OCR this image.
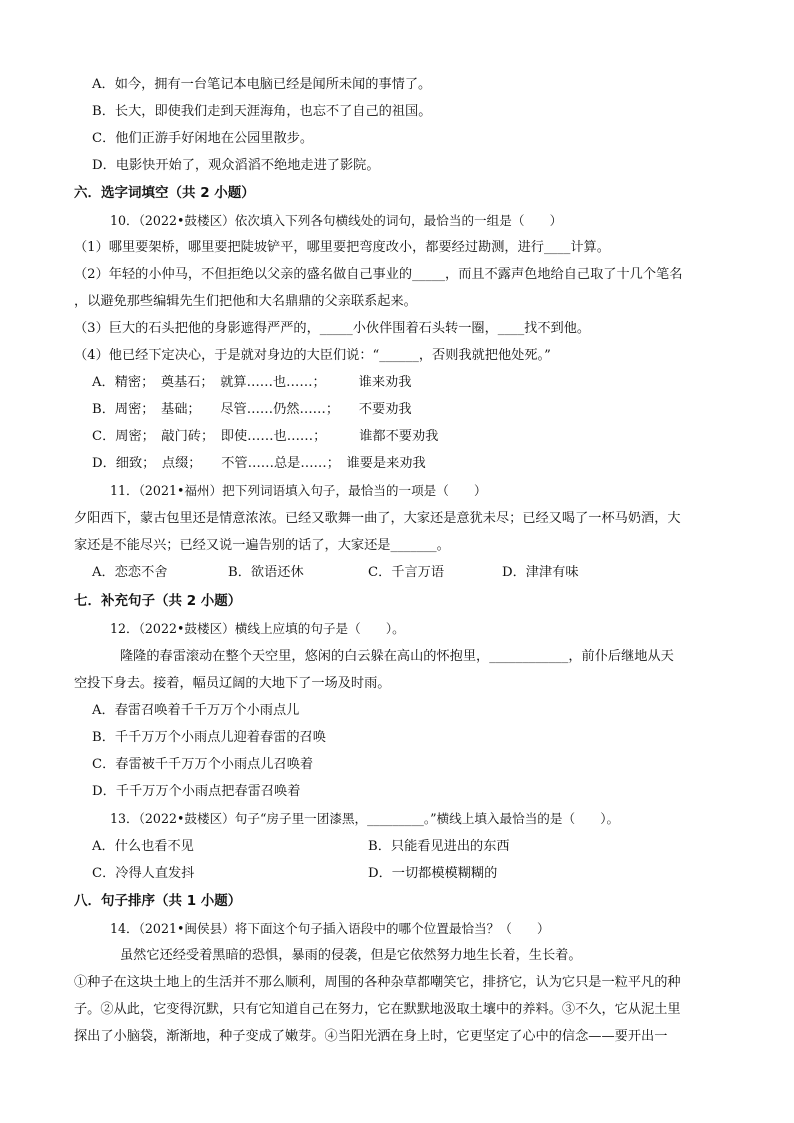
A．如今，拥有一台笔记本电脑已经是闻所未闻的事情了。
B．长大，即使我们走到天涯海角，也忘不了自己的祖国。
C．他们正游手好闲地在公园里散步。
D．电影快开始了，观众滔滔不绝地走进了影院。
六．选字词填空（共 2 小题）
10．（2022•鼓楼区）依次填入下列各句横线处的词句，最恰当的一组是（　　）
（1）哪里要架桥，哪里要把陡坡铲平，哪里要把弯度改小，都要经过勘测，进行____计算。
（2）年轻的小仲马，不但拒绝以父亲的盛名做自己事业的_____，而且不露声色地给自己取了十几个笔名
，以避免那些编辑先生们把他和大名鼎鼎的父亲联系起来。
（3）巨大的石头把他的身影遮得严严的，_____小伙伴围着石头转一圈，____找不到他。
（4）他已经下定决心，于是就对身边的大臣们说：“______，否则我就把他处死。”
A．精密；　奠基石；　就算……也……；　　　谁来劝我
B．周密；　基础；　　尽管……仍然……；　　不要劝我
C．周密；　敲门砖；　即使……也……；　　　谁都不要劝我
D．细致；　点缀；　　不管……总是……；　谁要是来劝我
11．（2021•福州）把下列词语填入句子，最恰当的一项是（　　）
夕阳西下，蒙古包里还是情意浓浓。已经又歌舞一曲了，大家还是意犹未尽；已经又喝了一杯马奶酒，大
家还是不能尽兴；已经又说一遍告别的话了，大家还是_______。
A．恋恋不舍	B．欲语还休	C．千言万语	D．津津有味
七．补充句子（共 2 小题）
12．（2022•鼓楼区）横线上应填的句子是（　　）。
隆隆的春雷滚动在整个天空里，悠闲的白云躲在高山的怀抱里，____________，前仆后继地从天
空投下身去。接着，幅员辽阔的大地下了一场及时雨。
A．春雷召唤着千千万万个小雨点儿
B．千千万万个小雨点儿迎着春雷的召唤
C．春雷被千千万万个小雨点儿召唤着
D．千千万万个小雨点把春雷召唤着
13．（2022•鼓楼区）句子“房子里一团漆黑，_________。”横线上填入最恰当的是（　　）。
A．什么也看不见	B．只能看见进出的东西
C．冷得人直发抖	D．一切都模模糊糊的
八．句子排序（共 1 小题）
14．（2021•闽侯县）将下面这个句子插入语段中的哪个位置最恰当？（　　）
虽然它还经受着黑暗的恐惧，暴雨的侵袭，但是它依然努力地生长着，生长着。
①种子在这块土地上的生活并不那么顺利，周围的各种杂草都嘲笑它，排挤它，认为它只是一粒平凡的种
子。②从此，它变得沉默，只有它知道自己在努力，它在默默地汲取土壤中的养料。③不久，它从泥土里
探出了小脑袋，渐渐地，种子变成了嫩芽。④当阳光洒在身上时，它更坚定了心中的信念——要开出一
